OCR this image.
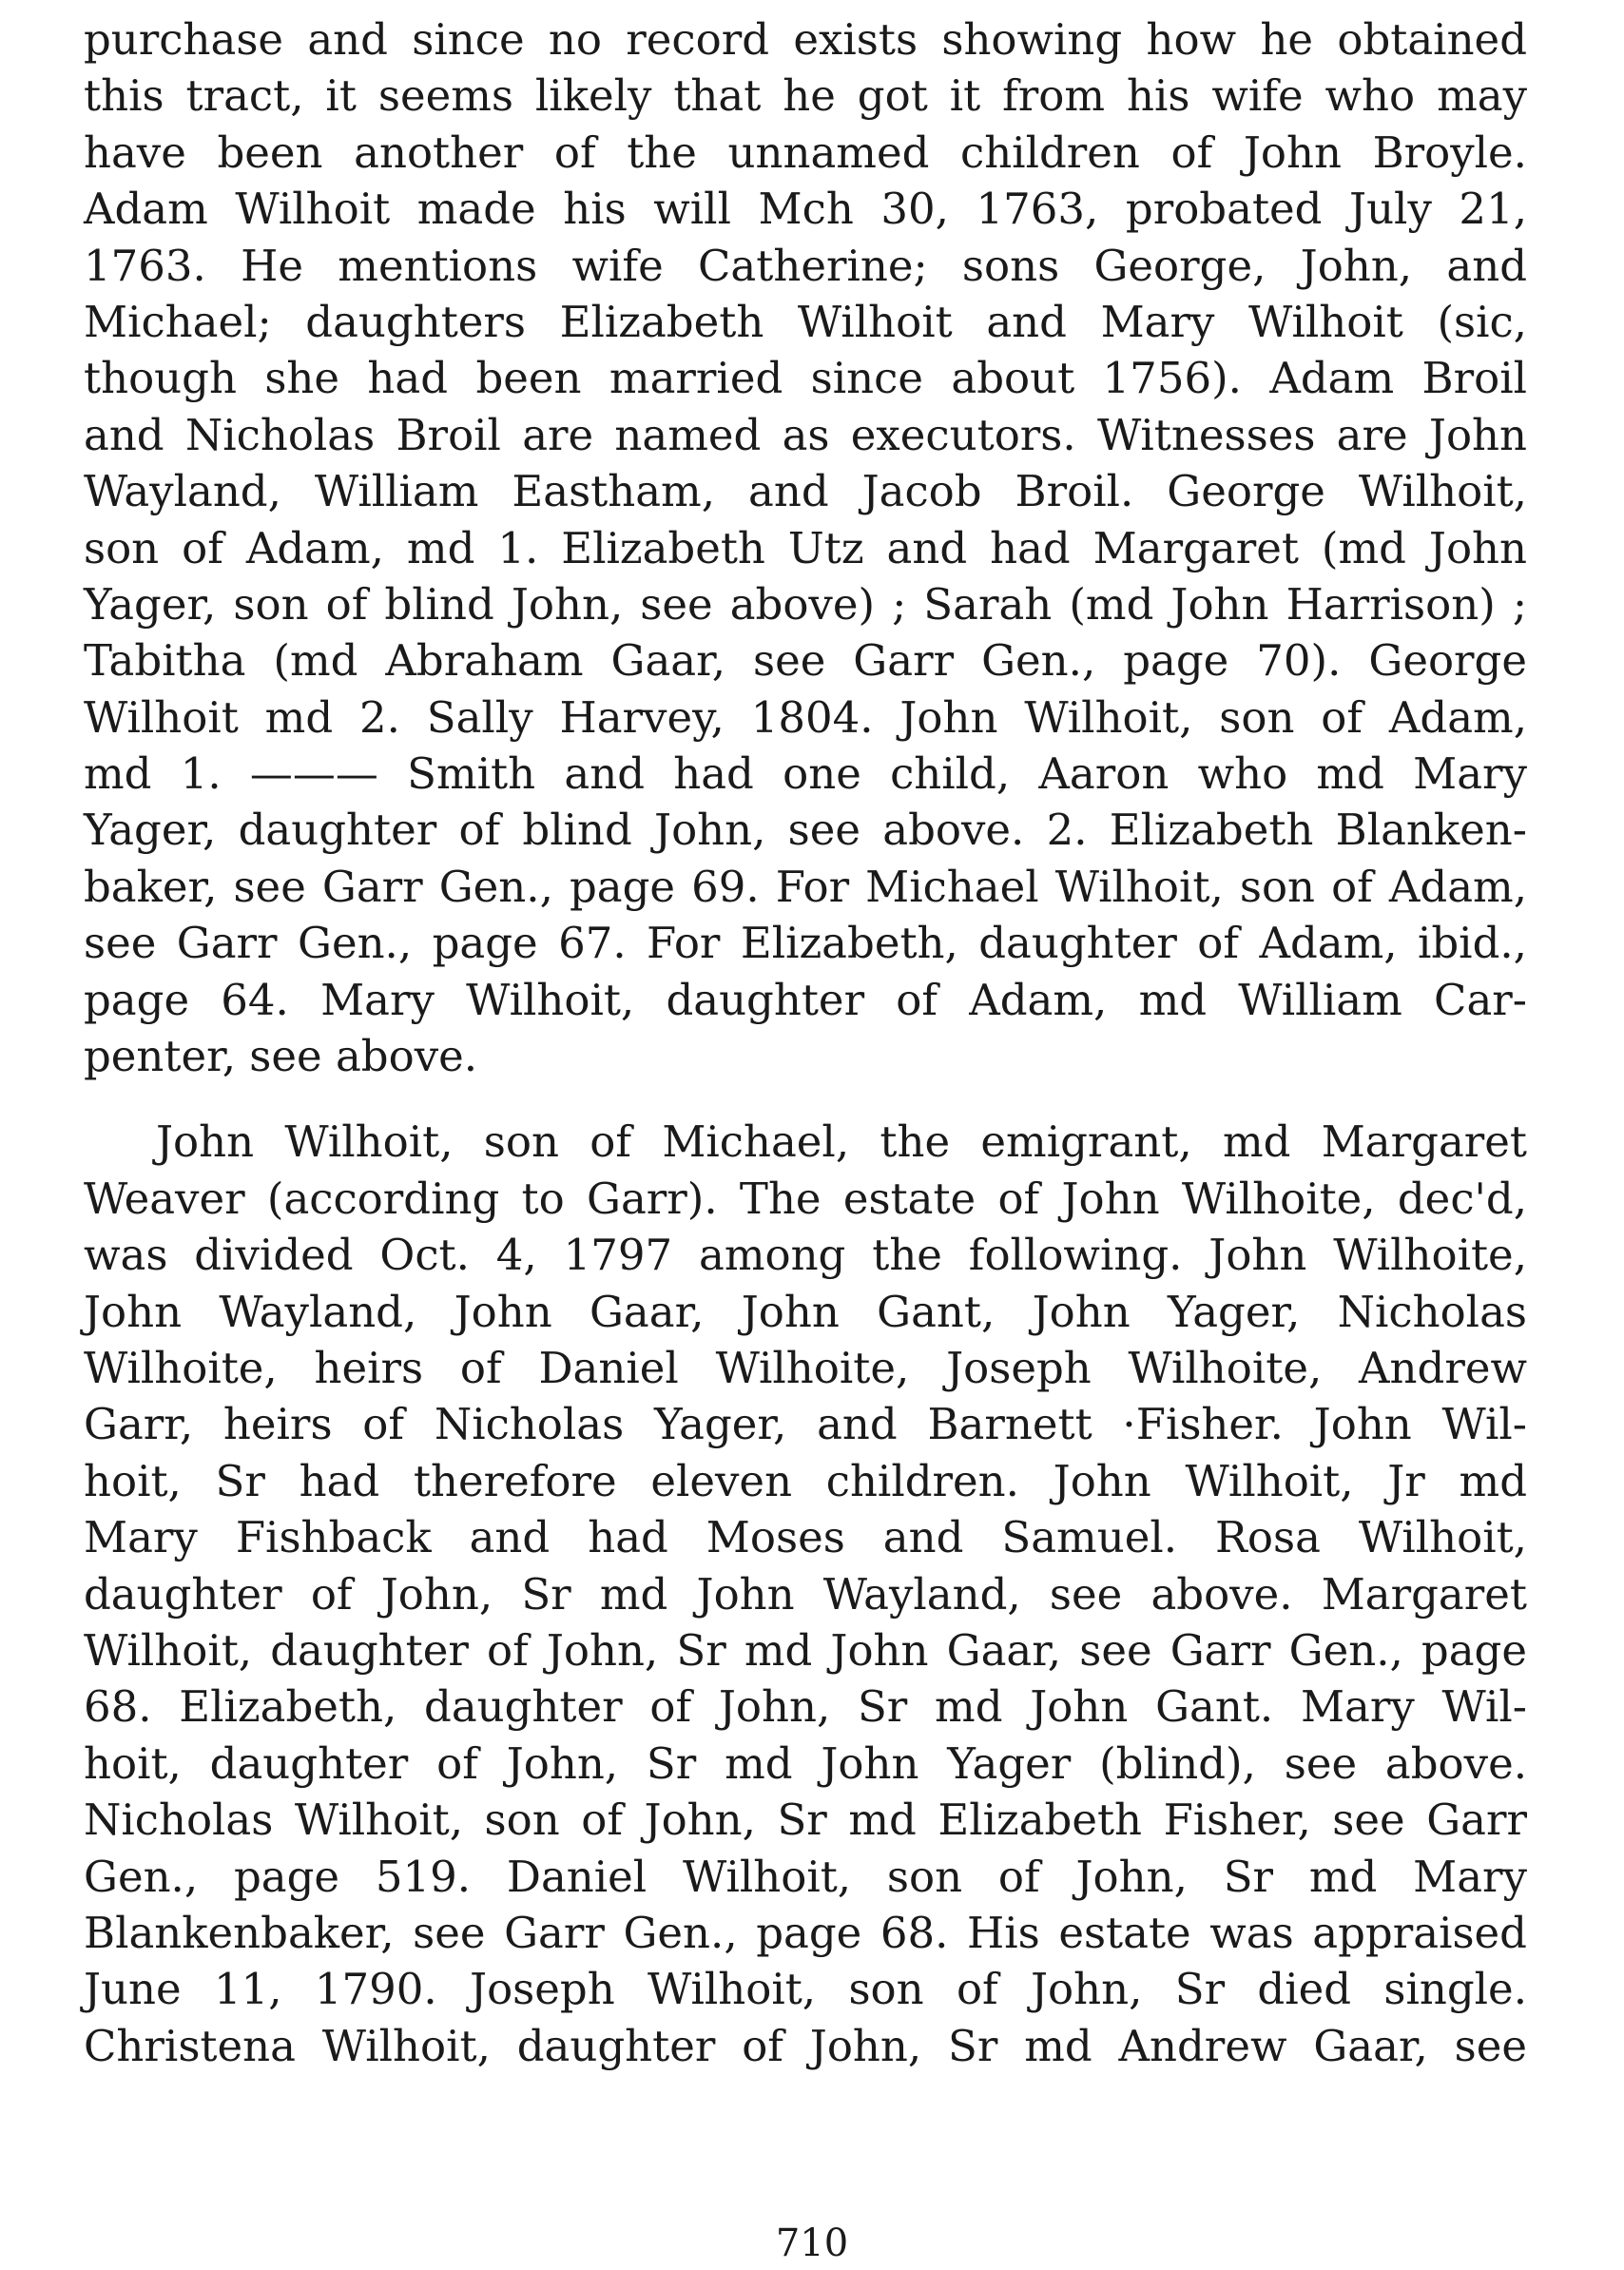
purchase and since no record exists showing how he obtained
this tract, it seems likely that he got it from his wife who may
have been another of the unnamed children of John Broyle.
Adam Wilhoit made his will Mch 30, 1763, probated July 21,
1763. He mentions wife Catherine; sons George, John, and
Michael; daughters Elizabeth Wilhoit and Mary Wilhoit (sic,
though she had been married since about 1756). Adam Broil
and Nicholas Broil are named as executors. Witnesses are John
Wayland, William Eastham, and Jacob Broil. George Wilhoit,
son of Adam, md 1. Elizabeth Utz and had Margaret (md John
Yager, son of blind John, see above) ; Sarah (md John Harrison) ;
Tabitha (md Abraham Gaar, see Garr Gen., page 70). George
Wilhoit md 2. Sally Harvey, 1804. John Wilhoit, son of Adam,
md 1. ——— Smith and had one child, Aaron who md Mary
Yager, daughter of blind John, see above. 2. Elizabeth Blanken-
baker, see Garr Gen., page 69. For Michael Wilhoit, son of Adam,
see Garr Gen., page 67. For Elizabeth, daughter of Adam, ibid.,
page 64. Mary Wilhoit, daughter of Adam, md William Car-
penter, see above.
John Wilhoit, son of Michael, the emigrant, md Margaret
Weaver (according to Garr). The estate of John Wilhoite, dec'd,
was divided Oct. 4, 1797 among the following. John Wilhoite,
John Wayland, John Gaar, John Gant, John Yager, Nicholas
Wilhoite, heirs of Daniel Wilhoite, Joseph Wilhoite, Andrew
Garr, heirs of Nicholas Yager, and Barnett ·Fisher. John Wil-
hoit, Sr had therefore eleven children. John Wilhoit, Jr md
Mary Fishback and had Moses and Samuel. Rosa Wilhoit,
daughter of John, Sr md John Wayland, see above. Margaret
Wilhoit, daughter of John, Sr md John Gaar, see Garr Gen., page
68. Elizabeth, daughter of John, Sr md John Gant. Mary Wil-
hoit, daughter of John, Sr md John Yager (blind), see above.
Nicholas Wilhoit, son of John, Sr md Elizabeth Fisher, see Garr
Gen., page 519. Daniel Wilhoit, son of John, Sr md Mary
Blankenbaker, see Garr Gen., page 68. His estate was appraised
June 11, 1790. Joseph Wilhoit, son of John, Sr died single.
Christena Wilhoit, daughter of John, Sr md Andrew Gaar, see
710
